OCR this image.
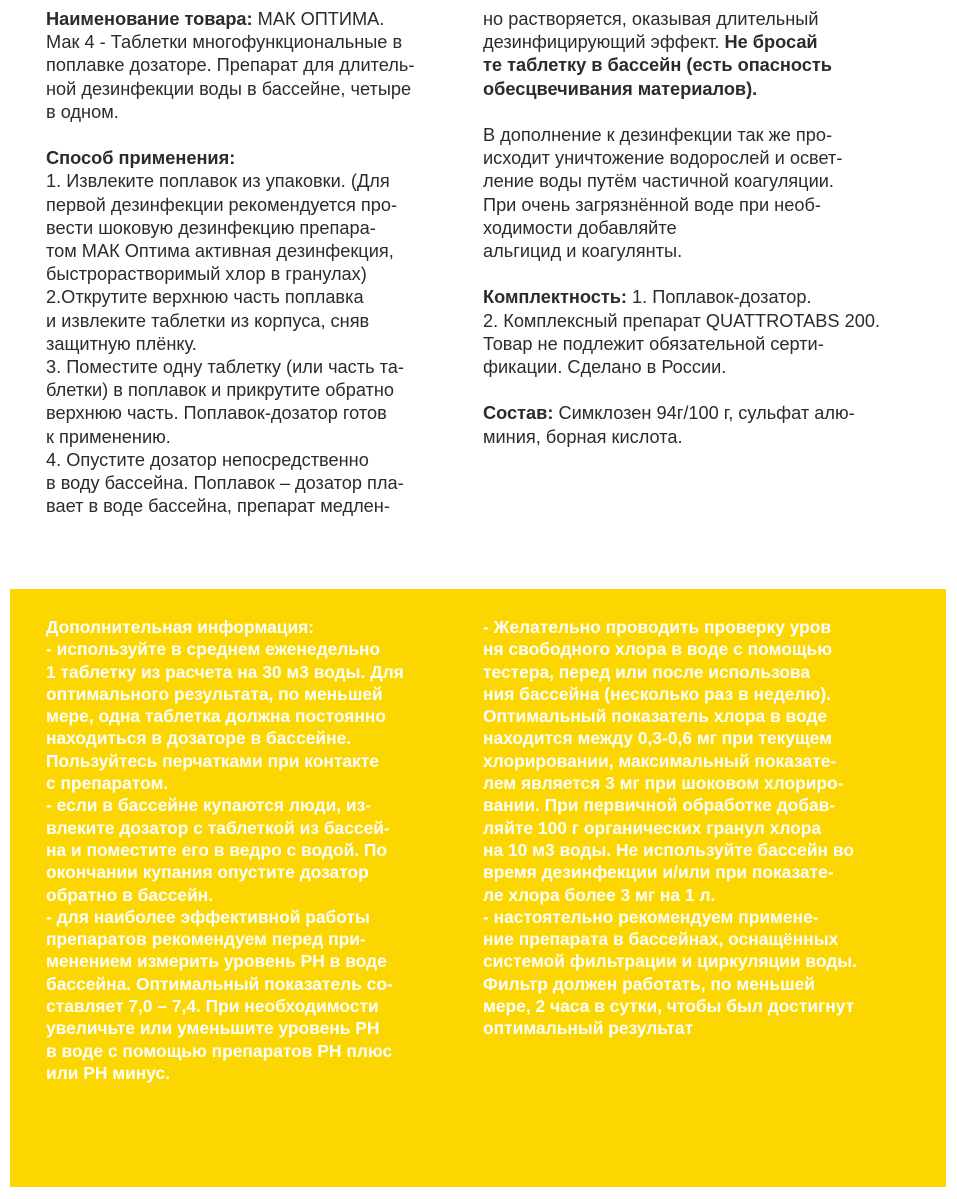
Наименование товара: МАК ОПТИМА.
Мак 4 - Таблетки многофункциональные в
поплавке дозаторе. Препарат для длитель-
ной дезинфекции воды в бассейне, четыре
в одном.

Способ применения:
1. Извлеките поплавок из упаковки. (Для
первой дезинфекции рекомендуется про-
вести шоковую дезинфекцию препара-
том МАК Оптима активная дезинфекция,
быстрорастворимый хлор в гранулах)
2.Открутите верхнюю часть поплавка
и извлеките таблетки из корпуса, сняв
защитную плёнку.
3. Поместите одну таблетку (или часть та-
блетки) в поплавок и прикрутите обратно
верхнюю часть. Поплавок-дозатор готов
к применению.
4. Опустите дозатор непосредственно
в воду бассейна. Поплавок – дозатор пла-
вает в воде бассейна, препарат медлен-

но растворяется, оказывая длительный
дезинфицирующий эффект. Не бросай
те таблетку в бассейн (есть опасность
обесцвечивания материалов).

В дополнение к дезинфекции так же про-
исходит уничтожение водорослей и освет-
ление воды путём частичной коагуляции.
При очень загрязнённой воде при необ-
ходимости добавляйте
альгицид и коагулянты.

Комплектность: 1. Поплавок-дозатор.
2. Комплексный препарат QUATTROTABS 200.
Товар не подлежит обязательной серти-
фикации. Сделано в России.

Состав: Симклозен 94г/100 г, сульфат алю-
миния, борная кислота.

Дополнительная информация:
- используйте в среднем еженедельно
1 таблетку из расчета на 30 м3 воды. Для
оптимального результата, по меньшей
мере, одна таблетка должна постоянно
находиться в дозаторе в бассейне.
Пользуйтесь перчатками при контакте
с препаратом.
- если в бассейне купаются люди, из-
влеките дозатор с таблеткой из бассей-
на и поместите его в ведро с водой. По
окончании купания опустите дозатор
обратно в бассейн.
- для наиболее эффективной работы
препаратов рекомендуем перед при-
менением измерить уровень PH в воде
бассейна. Оптимальный показатель со-
ставляет 7,0 – 7,4. При необходимости
увеличьте или уменьшите уровень PH
в воде с помощью препаратов PH плюс
или PH минус.
- Желательно проводить проверку уров
ня свободного хлора в воде с помощью
тестера, перед или после использова
ния бассейна (несколько раз в неделю).
Оптимальный показатель хлора в воде
находится между 0,3-0,6 мг при текущем
хлорировании, максимальный показате-
лем является 3 мг при шоковом хлориро-
вании. При первичной обработке добав-
ляйте 100 г органических гранул хлора
на 10 м3 воды. Не используйте бассейн во
время дезинфекции и/или при показате-
ле хлора более 3 мг на 1 л.
- настоятельно рекомендуем примене-
ние препарата в бассейнах, оснащённых
системой фильтрации и циркуляции воды.
Фильтр должен работать, по меньшей
мере, 2 часа в сутки, чтобы был достигнут
оптимальный результат
